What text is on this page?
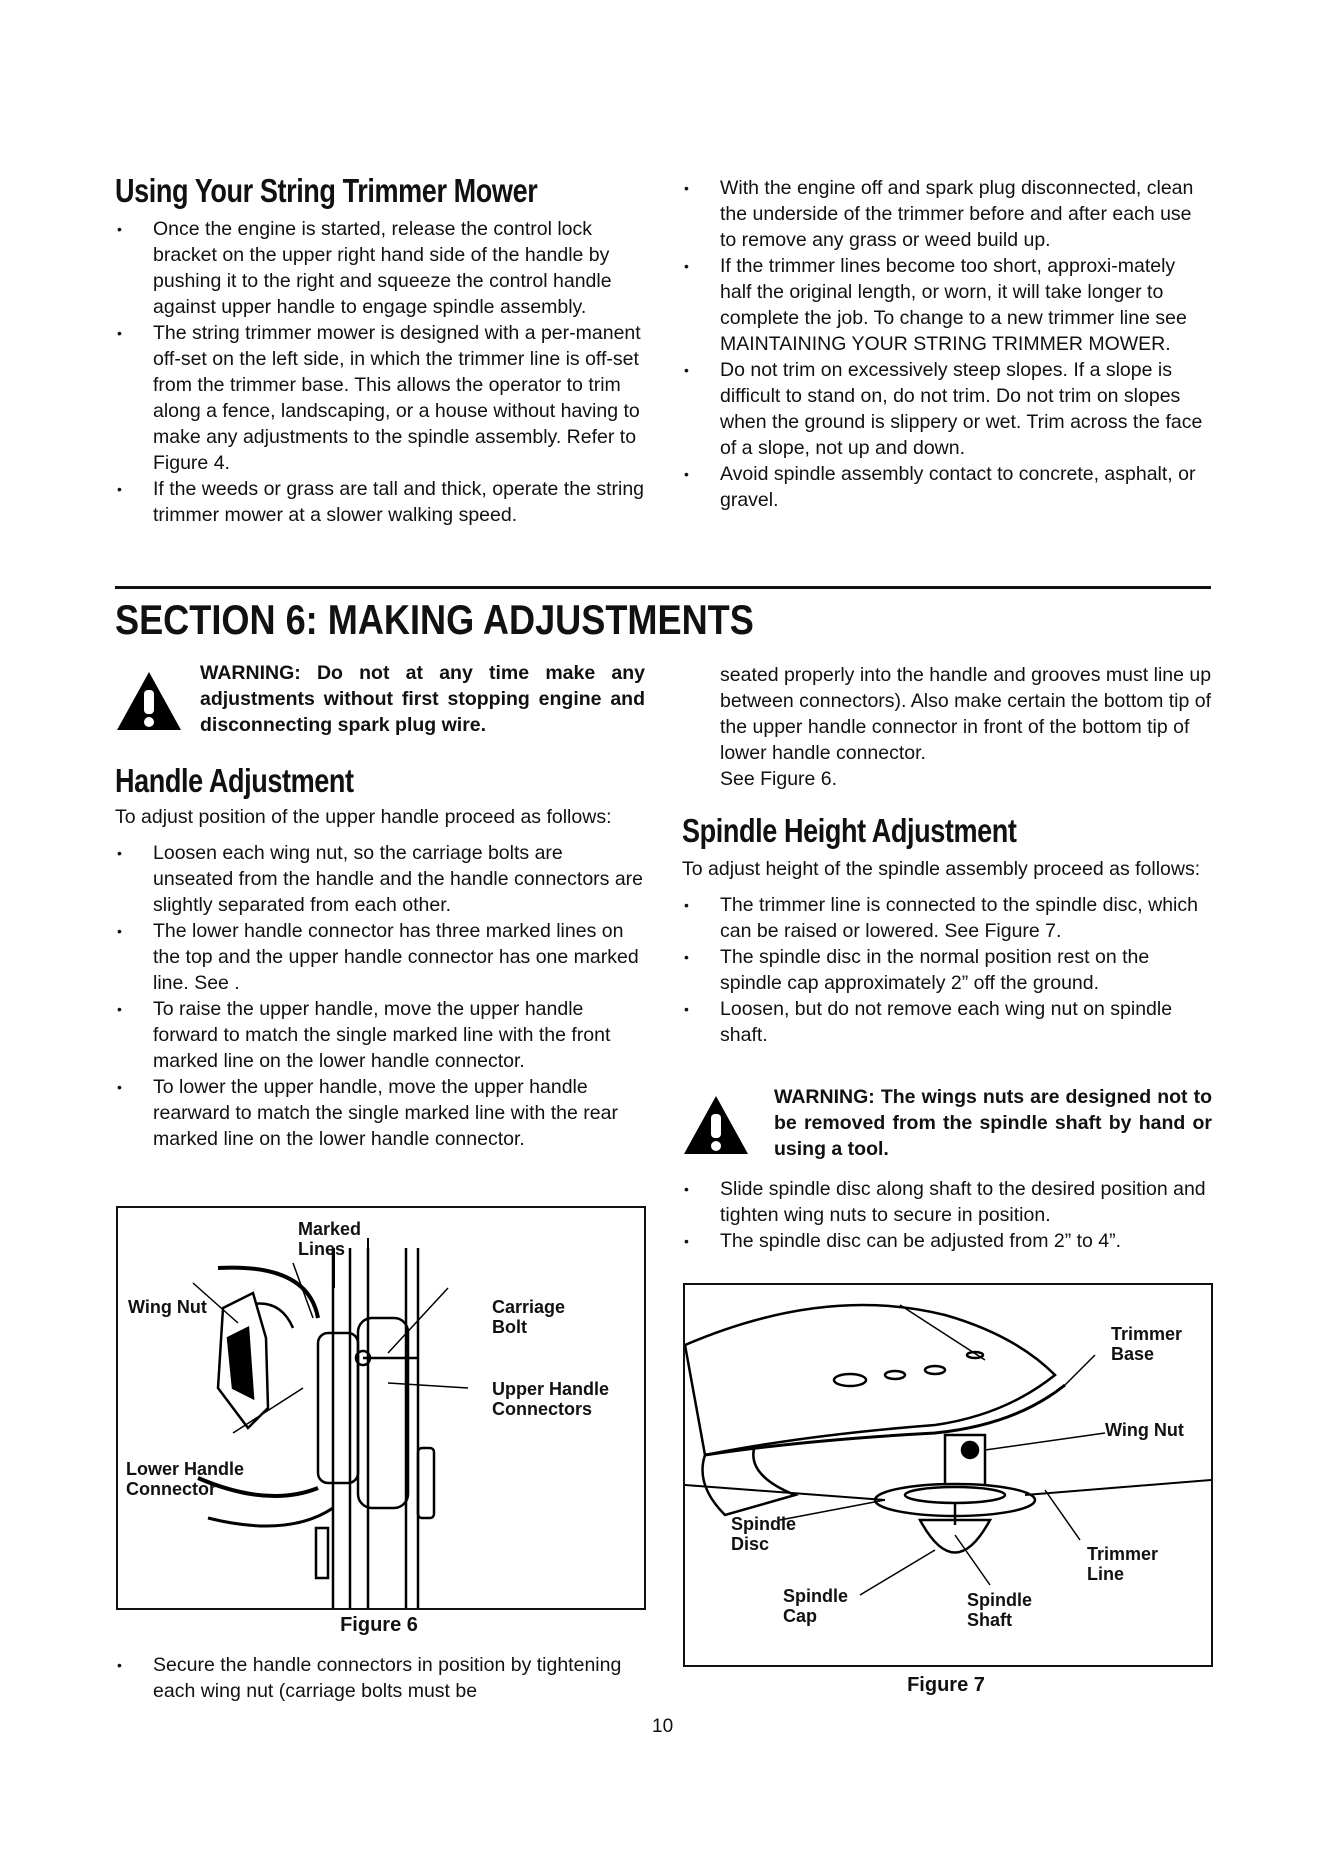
Using Your String Trimmer Mower
• Once the engine is started, release the control lock bracket on the upper right hand side of the handle by pushing it to the right and squeeze the control handle against upper handle to engage spindle assembly.
• The string trimmer mower is designed with a per-manent off-set on the left side, in which the trimmer line is off-set from the trimmer base. This allows the operator to trim along a fence, landscaping, or a house without having to make any adjustments to the spindle assembly. Refer to Figure 4.
• If the weeds or grass are tall and thick, operate the string trimmer mower at a slower walking speed.
• With the engine off and spark plug disconnected, clean the underside of the trimmer before and after each use to remove any grass or weed build up.
• If the trimmer lines become too short, approxi-mately half the original length, or worn, it will take longer to complete the job. To change to a new trimmer line see MAINTAINING YOUR STRING TRIMMER MOWER.
• Do not trim on excessively steep slopes. If a slope is difficult to stand on, do not trim. Do not trim on slopes when the ground is slippery or wet. Trim across the face of a slope, not up and down.
• Avoid spindle assembly contact to concrete, asphalt, or gravel.
SECTION 6: MAKING ADJUSTMENTS
WARNING: Do not at any time make any adjustments without first stopping engine and disconnecting spark plug wire.
Handle Adjustment

To adjust position of the upper handle proceed as follows:

• Loosen each wing nut, so the carriage bolts are unseated from the handle and the handle connectors are slightly separated from each other.
• The lower handle connector has three marked lines on the top and the upper handle connector has one marked line. See .
• To raise the upper handle, move the upper handle forward to match the single marked line with the front marked line on the lower handle connector.
• To lower the upper handle, move the upper handle rearward to match the single marked line with the rear marked line on the lower handle connector.
Marked
Lines
Wing Nut	Carriage
Bolt
Upper Handle
Connectors
Lower Handle
Connector
Figure 6
• Secure the handle connectors in position by tightening each wing nut (carriage bolts must be

seated properly into the handle and grooves must line up between connectors). Also make certain the bottom tip of the upper handle connector in front of the bottom tip of lower handle connector.

See Figure 6.

Spindle Height Adjustment

To adjust height of the spindle assembly proceed as follows:

• The trimmer line is connected to the spindle disc, which can be raised or lowered. See Figure 7.
• The spindle disc in the normal position rest on the spindle cap approximately 2” off the ground.
• Loosen, but do not remove each wing nut on spindle shaft.
WARNING: The wings nuts are designed not to be removed from the spindle shaft by hand or using a tool.
• Slide spindle disc along shaft to the desired position and tighten wing nuts to secure in position.
• The spindle disc can be adjusted from 2” to 4”.
Trimmer
Base
Wing Nut
Spindle
Disc	Trimmer
Line
Spindle
Cap
Spindle
Shaft
Figure 7
10
